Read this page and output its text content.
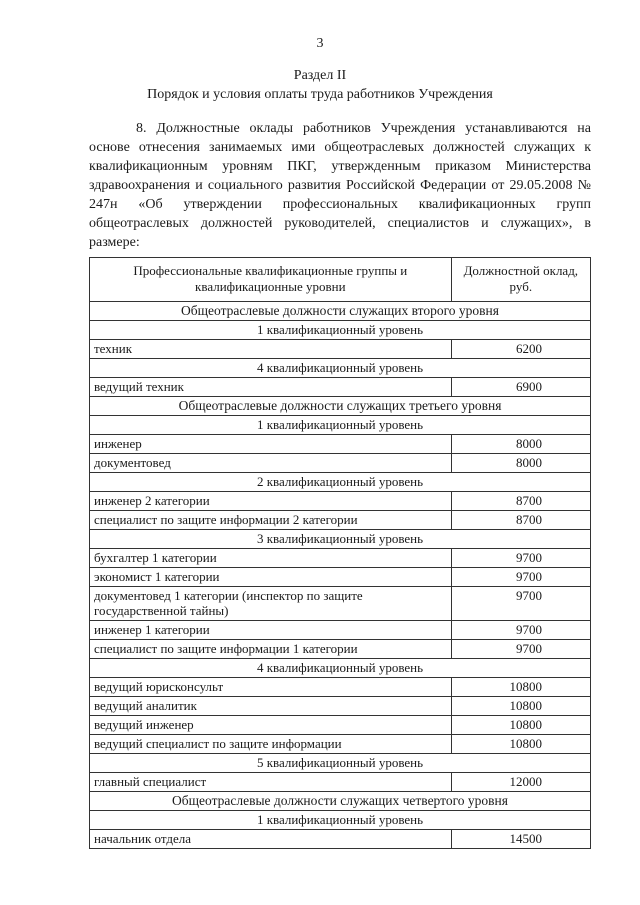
3
Раздел II
Порядок и условия оплаты труда работников Учреждения
8. Должностные оклады работников Учреждения устанавливаются на основе отнесения занимаемых ими общеотраслевых должностей служащих к квалификационным уровням ПКГ, утвержденным приказом Министерства здравоохранения и социального развития Российской Федерации от 29.05.2008 № 247н «Об утверждении профессиональных квалификационных групп общеотраслевых должностей руководителей, специалистов и служащих», в размере:
Профессиональные квалификационные группы и квалификационные уровни	Должностной оклад, руб.
Общеотраслевые должности служащих второго уровня	
1 квалификационный уровень	
техник	6200
4 квалификационный уровень	
ведущий техник	6900
Общеотраслевые должности служащих третьего уровня	
1 квалификационный уровень	
инженер	8000
документовед	8000
2 квалификационный уровень	
инженер 2 категории	8700
специалист по защите информации 2 категории	8700
3 квалификационный уровень	
бухгалтер 1 категории	9700
экономист 1 категории	9700
документовед 1 категории (инспектор по защите государственной тайны)	9700
инженер 1 категории	9700
специалист по защите информации 1 категории	9700
4 квалификационный уровень	
ведущий юрисконсульт	10800
ведущий аналитик	10800
ведущий инженер	10800
ведущий специалист по защите информации	10800
5 квалификационный уровень	
главный специалист	12000
Общеотраслевые должности служащих четвертого уровня	
1 квалификационный уровень	
начальник отдела	14500
